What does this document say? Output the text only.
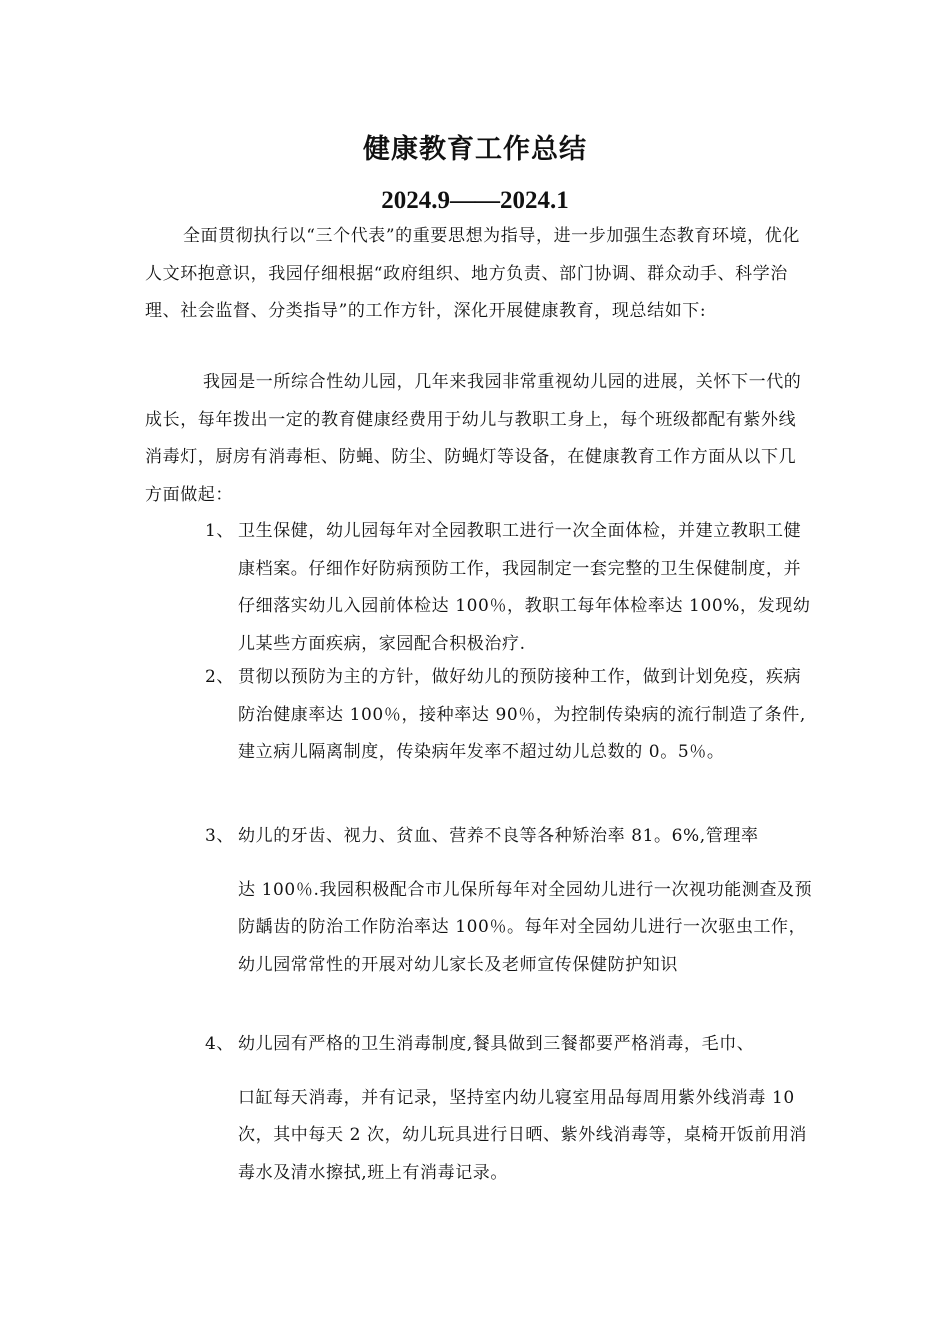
健康教育工作总结
2024.9——2024.1

全面贯彻执行以“三个代表”的重要思想为指导，进一步加强生态教育环境，优化人文环抱意识，我园仔细根据“政府组织、地方负责、部门协调、群众动手、科学治理、社会监督、分类指导”的工作方针，深化开展健康教育，现总结如下:

我园是一所综合性幼儿园，几年来我园非常重视幼儿园的进展，关怀下一代的成长，每年拨出一定的教育健康经费用于幼儿与教职工身上，每个班级都配有紫外线消毒灯，厨房有消毒柜、防蝇、防尘、防蝇灯等设备，在健康教育工作方面从以下几方面做起：

1、 卫生保健，幼儿园每年对全园教职工进行一次全面体检，并建立教职工健康档案。仔细作好防病预防工作，我园制定一套完整的卫生保健制度，并仔细落实幼儿入园前体检达 100％，教职工每年体检率达 100%，发现幼儿某些方面疾病，家园配合积极治疗.
2、 贯彻以预防为主的方针，做好幼儿的预防接种工作，做到计划免疫，疾病防治健康率达 100％，接种率达 90％，为控制传染病的流行制造了条件,建立病儿隔离制度，传染病年发率不超过幼儿总数的 0。5％。
3、 幼儿的牙齿、视力、贫血、营养不良等各种矫治率 81。6%,管理率
达 100％.我园积极配合市儿保所每年对全园幼儿进行一次视功能测查及预防龋齿的防治工作防治率达 100％。每年对全园幼儿进行一次驱虫工作，幼儿园常常性的开展对幼儿家长及老师宣传保健防护知识
4、 幼儿园有严格的卫生消毒制度,餐具做到三餐都要严格消毒，毛巾、
口缸每天消毒，并有记录，坚持室内幼儿寝室用品每周用紫外线消毒 10 次，其中每天 2 次，幼儿玩具进行日晒、紫外线消毒等，桌椅开饭前用消毒水及清水擦拭,班上有消毒记录。
